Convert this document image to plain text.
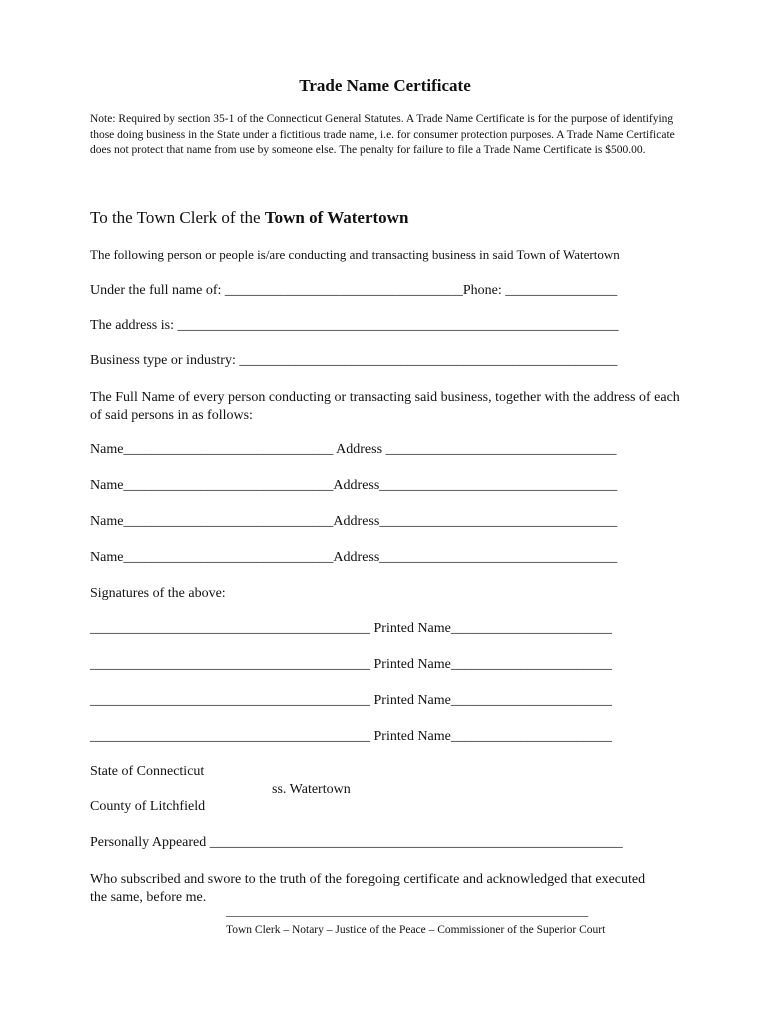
Trade Name Certificate
Note: Required by section 35-1 of the Connecticut General Statutes. A Trade Name Certificate is for the purpose of identifying those doing business in the State under a fictitious trade name, i.e. for consumer protection purposes. A Trade Name Certificate does not protect that name from use by someone else. The penalty for failure to file a Trade Name Certificate is $500.00.
To the Town Clerk of the Town of Watertown
The following person or people is/are conducting and transacting business in said Town of Watertown
Under the full name of: __________________________________Phone: ________________
The address is: _______________________________________________________________
Business type or industry: ______________________________________________________
The Full Name of every person conducting or transacting said business, together with the address of each of said persons in as follows:
Name______________________________ Address _________________________________
Name______________________________Address__________________________________
Name______________________________Address__________________________________
Name______________________________Address__________________________________
Signatures of the above:
________________________________________ Printed Name_______________________
________________________________________ Printed Name_______________________
________________________________________ Printed Name_______________________
________________________________________ Printed Name_______________________
State of Connecticut
ss. Watertown
County of Litchfield
Personally Appeared ___________________________________________________________
Who subscribed and swore to the truth of the foregoing certificate and acknowledged that executed the same, before me.
_______________________________________________________________
Town Clerk – Notary – Justice of the Peace – Commissioner of the Superior Court
